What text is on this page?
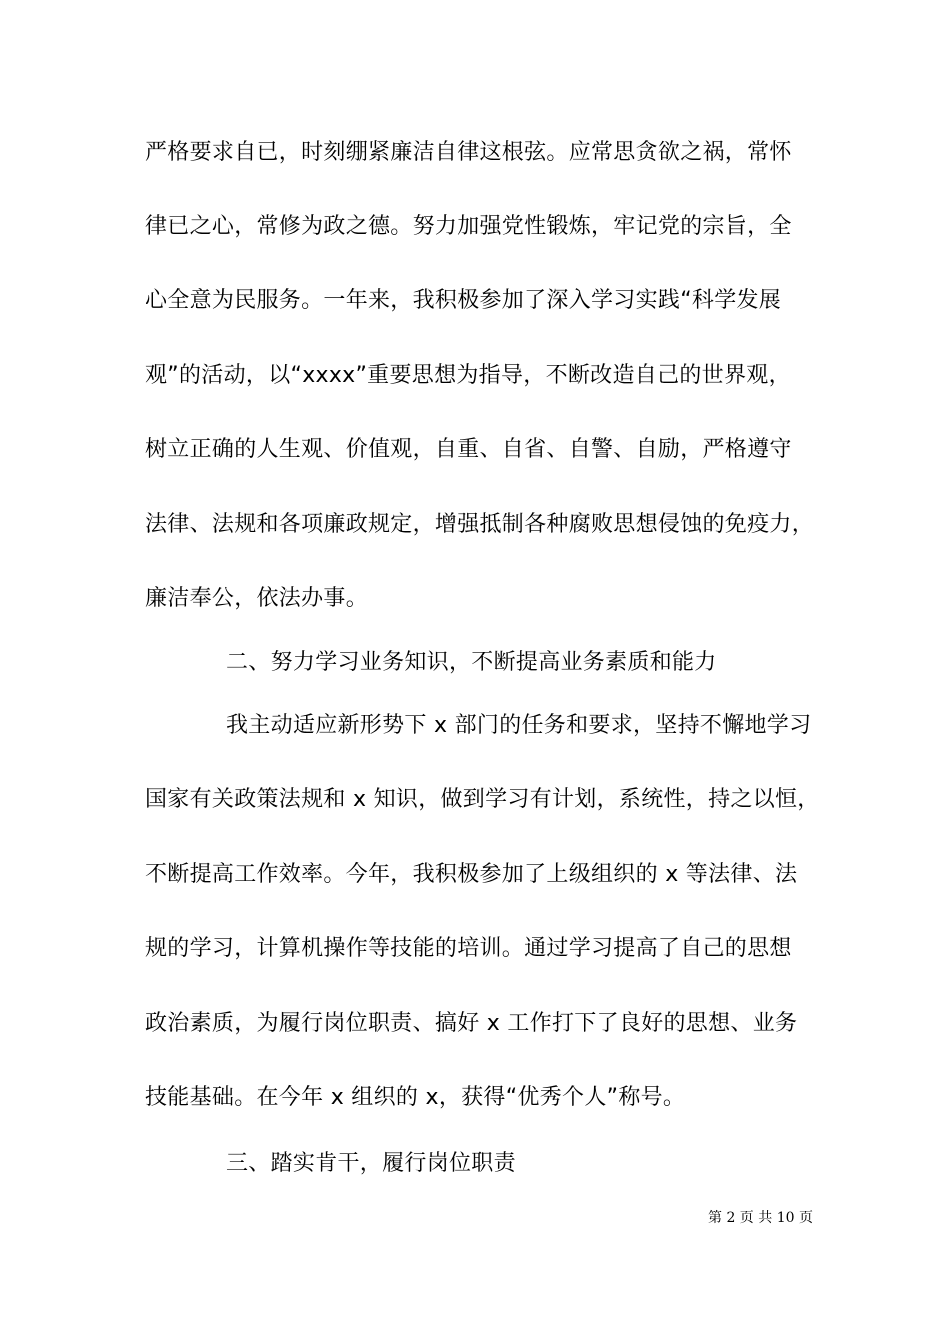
严格要求自已，时刻绷紧廉洁自律这根弦。应常思贪欲之祸，常怀
律已之心，常修为政之德。努力加强党性锻炼，牢记党的宗旨，全
心全意为民服务。一年来，我积极参加了深入学习实践“科学发展
观”的活动，以“xxxx”重要思想为指导，不断改造自己的世界观，
树立正确的人生观、价值观，自重、自省、自警、自励，严格遵守
法律、法规和各项廉政规定，增强抵制各种腐败思想侵蚀的免疫力，
廉洁奉公，依法办事。
二、努力学习业务知识，不断提高业务素质和能力
我主动适应新形势下 x 部门的任务和要求，坚持不懈地学习
国家有关政策法规和 x 知识，做到学习有计划，系统性，持之以恒，
不断提高工作效率。今年，我积极参加了上级组织的 x 等法律、法
规的学习，计算机操作等技能的培训。通过学习提高了自己的思想
政治素质，为履行岗位职责、搞好 x 工作打下了良好的思想、业务
技能基础。在今年 x 组织的 x，获得“优秀个人”称号。
三、踏实肯干，履行岗位职责
第 2 页 共 10 页
